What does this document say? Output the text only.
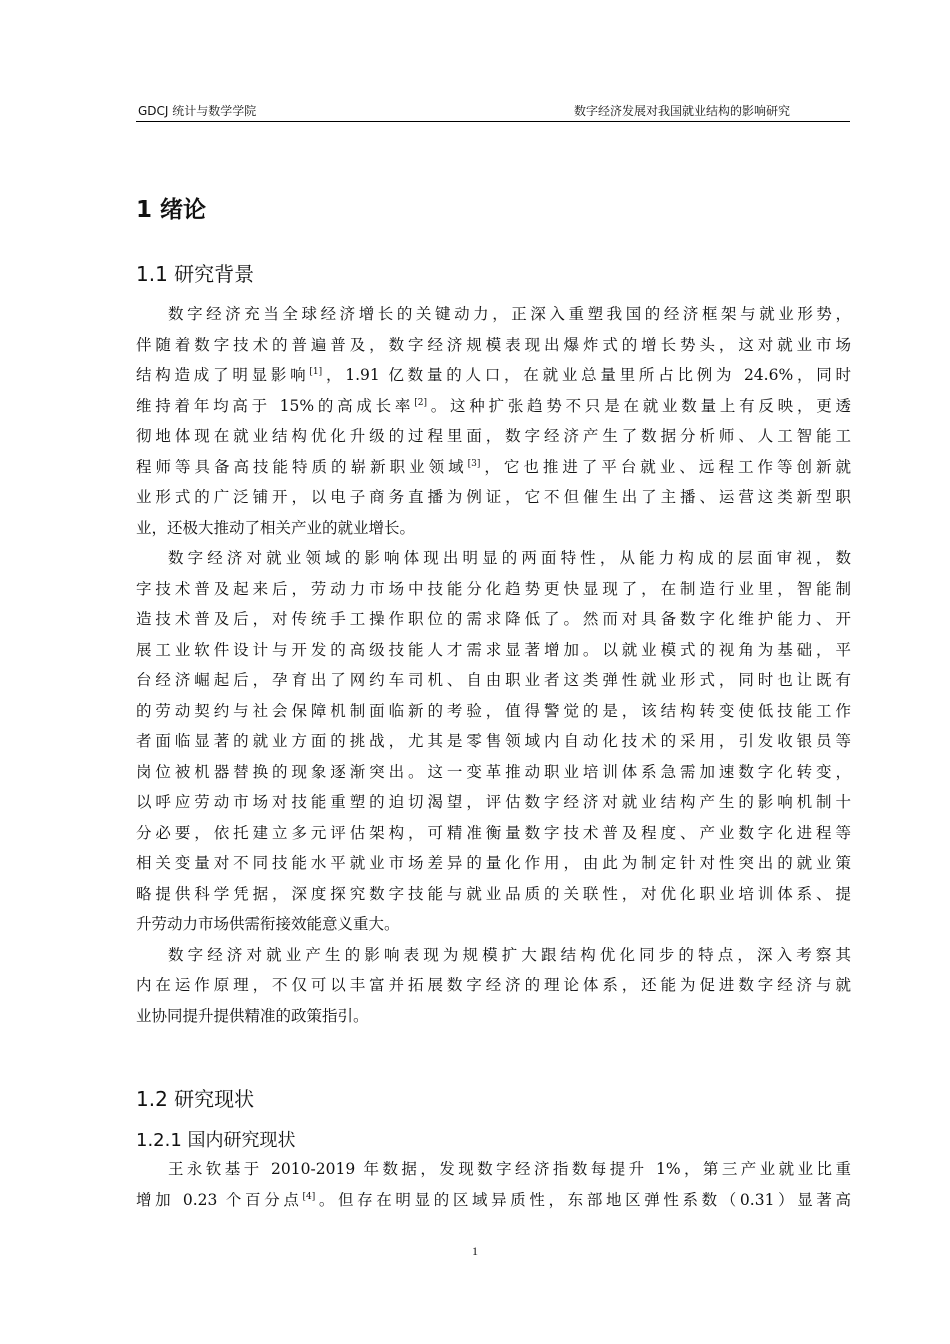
GDCJ 统计与数学学院	数字经济发展对我国就业结构的影响研究
1 绪论
1.1 研究背景
数字经济充当全球经济增长的关键动力，正深入重塑我国的经济框架与就业形势，
伴随着数字技术的普遍普及，数字经济规模表现出爆炸式的增长势头，这对就业市场
结构造成了明显影响[1]，1.91 亿数量的人口，在就业总量里所占比例为 24.6%，同时
维持着年均高于 15%的高成长率[2]。这种扩张趋势不只是在就业数量上有反映，更透
彻地体现在就业结构优化升级的过程里面，数字经济产生了数据分析师、人工智能工
程师等具备高技能特质的崭新职业领域[3]，它也推进了平台就业、远程工作等创新就
业形式的广泛铺开，以电子商务直播为例证，它不但催生出了主播、运营这类新型职
业，还极大推动了相关产业的就业增长。
数字经济对就业领域的影响体现出明显的两面特性，从能力构成的层面审视，数
字技术普及起来后，劳动力市场中技能分化趋势更快显现了，在制造行业里，智能制
造技术普及后，对传统手工操作职位的需求降低了。然而对具备数字化维护能力、开
展工业软件设计与开发的高级技能人才需求显著增加。以就业模式的视角为基础，平
台经济崛起后，孕育出了网约车司机、自由职业者这类弹性就业形式，同时也让既有
的劳动契约与社会保障机制面临新的考验，值得警觉的是，该结构转变使低技能工作
者面临显著的就业方面的挑战，尤其是零售领域内自动化技术的采用，引发收银员等
岗位被机器替换的现象逐渐突出。这一变革推动职业培训体系急需加速数字化转变，
以呼应劳动市场对技能重塑的迫切渴望，评估数字经济对就业结构产生的影响机制十
分必要，依托建立多元评估架构，可精准衡量数字技术普及程度、产业数字化进程等
相关变量对不同技能水平就业市场差异的量化作用，由此为制定针对性突出的就业策
略提供科学凭据，深度探究数字技能与就业品质的关联性，对优化职业培训体系、提
升劳动力市场供需衔接效能意义重大。
数字经济对就业产生的影响表现为规模扩大跟结构优化同步的特点，深入考察其
内在运作原理，不仅可以丰富并拓展数字经济的理论体系，还能为促进数字经济与就
业协同提升提供精准的政策指引。
1.2 研究现状
1.2.1 国内研究现状
王永钦基于 2010-2019 年数据，发现数字经济指数每提升 1%，第三产业就业比重
增加 0.23 个百分点[4]。但存在明显的区域异质性，东部地区弹性系数（0.31）显著高
1
